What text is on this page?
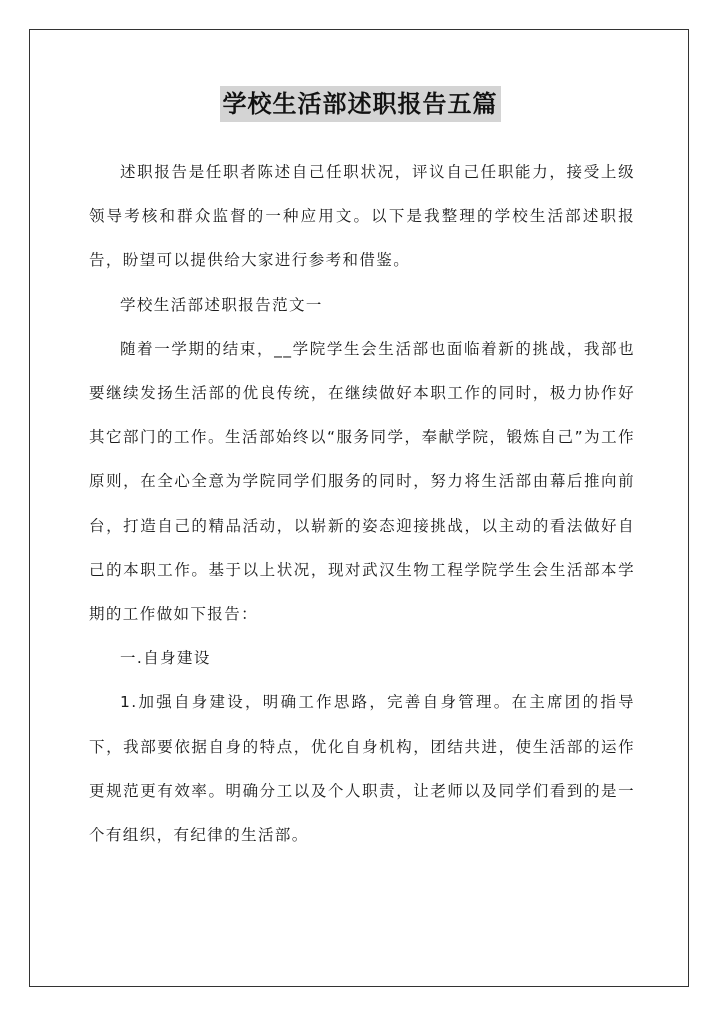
学校生活部述职报告五篇

述职报告是任职者陈述自己任职状况，评议自己任职能力，接受上级领导考核和群众监督的一种应用文。以下是我整理的学校生活部述职报告，盼望可以提供给大家进行参考和借鉴。

学校生活部述职报告范文一

随着一学期的结束，__学院学生会生活部也面临着新的挑战，我部也要继续发扬生活部的优良传统，在继续做好本职工作的同时，极力协作好其它部门的工作。生活部始终以“服务同学，奉献学院，锻炼自己”为工作原则，在全心全意为学院同学们服务的同时，努力将生活部由幕后推向前台，打造自己的精品活动，以崭新的姿态迎接挑战，以主动的看法做好自己的本职工作。基于以上状况，现对武汉生物工程学院学生会生活部本学期的工作做如下报告：

一.自身建设

1.加强自身建设，明确工作思路，完善自身管理。在主席团的指导下，我部要依据自身的特点，优化自身机构，团结共进，使生活部的运作更规范更有效率。明确分工以及个人职责，让老师以及同学们看到的是一个有组织，有纪律的生活部。
